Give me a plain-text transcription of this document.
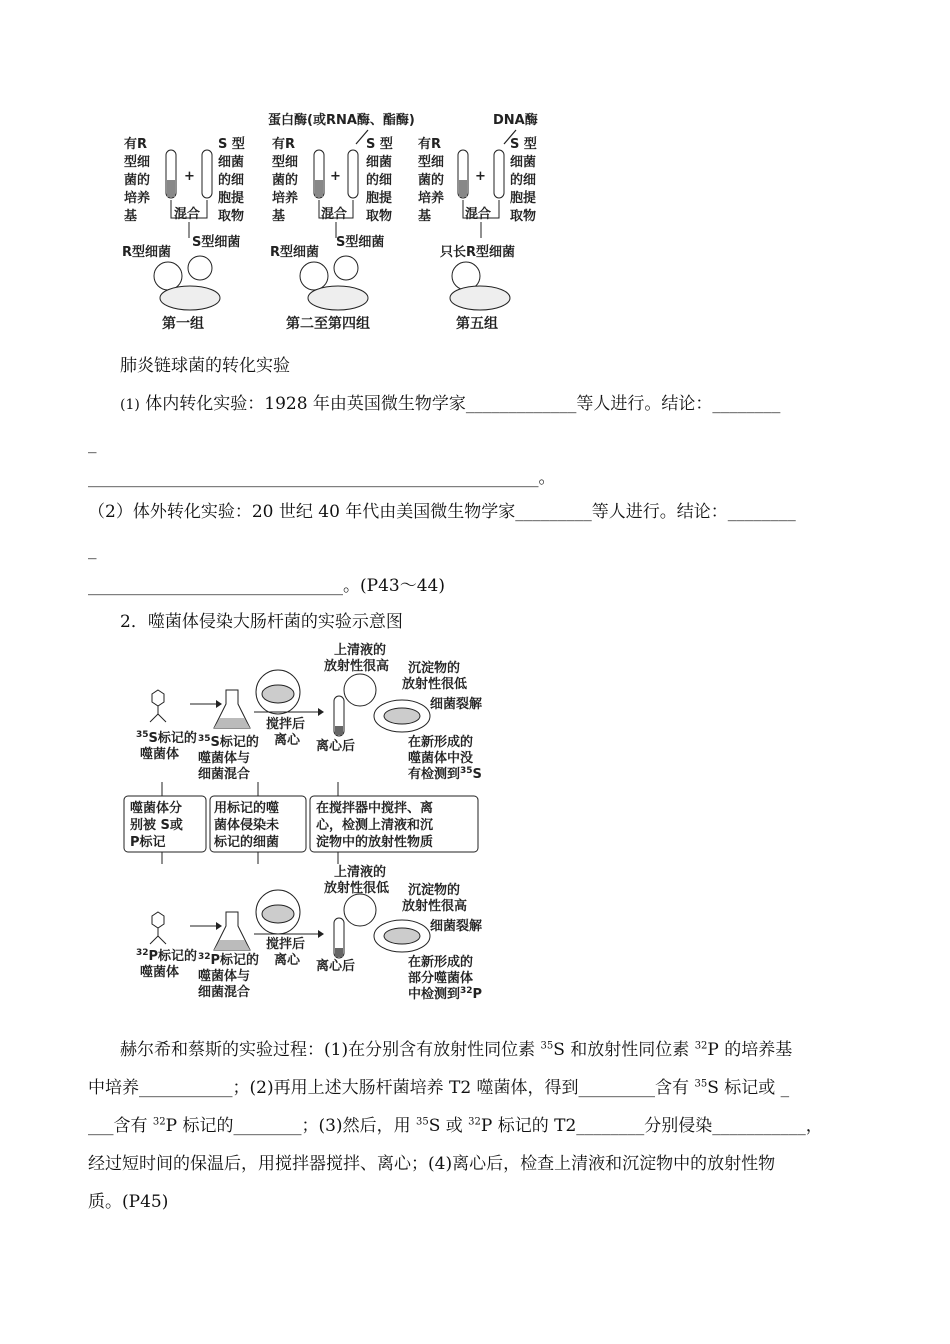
蛋白酶(或RNA酶、酯酶)	DNA酶
有R
型细
菌的
培养
基
+
S 型
细菌
的细
胞提
取物
混合
R型细菌
S型细菌
第一组
有R
型细
菌的
培养
基
+
S 型
细菌
的细
胞提
取物
混合
R型细菌
S型细菌
第二至第四组
有R
型细
菌的
培养
基
+
S 型
细菌
的细
胞提
取物
混合
只长R型细菌
第五组
肺炎链球菌的转化实验
(1) 体内转化实验：1928 年由英国微生物学家_____________等人进行。结论：________
_
_____________________________________________________。
（2）体外转化实验：20 世纪 40 年代由美国微生物学家_________等人进行。结论：________
_
______________________________。(P43～44)
2．噬菌体侵染大肠杆菌的实验示意图
$^{35}$S标记的
噬菌体
$^{35}$S标记的
噬菌体与
细菌混合
搅拌后
离心 离心后
上清液的
放射性很高 沉淀物的
放射性很低
细菌裂解
在新形成的
噬菌体中没
有检测到$^{35}$S
噬菌体分
别被 S或
P标记
用标记的噬
菌体侵染未
标记的细菌
在搅拌器中搅拌、离
心，检测上清液和沉
淀物中的放射性物质
上清液的
放射性很低 沉淀物的
放射性很高
$^{32}$P标记的
噬菌体
$^{32}$P标记的
噬菌体与
细菌混合
搅拌后
离心 离心后
细菌裂解
在新形成的
部分噬菌体
中检测到$^{32}$P
赫尔希和蔡斯的实验过程：(1)在分别含有放射性同位素 $^{35}$S 和放射性同位素 $^{32}$P 的培养基
中培养___________；(2)再用上述大肠杆菌培养 T2 噬菌体，得到_________含有 $^{35}$S 标记或 _
___含有 $^{32}$P 标记的________；(3)然后，用 $^{35}$S 或 $^{32}$P 标记的 T2________分别侵染___________，
经过短时间的保温后，用搅拌器搅拌、离心；(4)离心后，检查上清液和沉淀物中的放射性物
质。(P45)
